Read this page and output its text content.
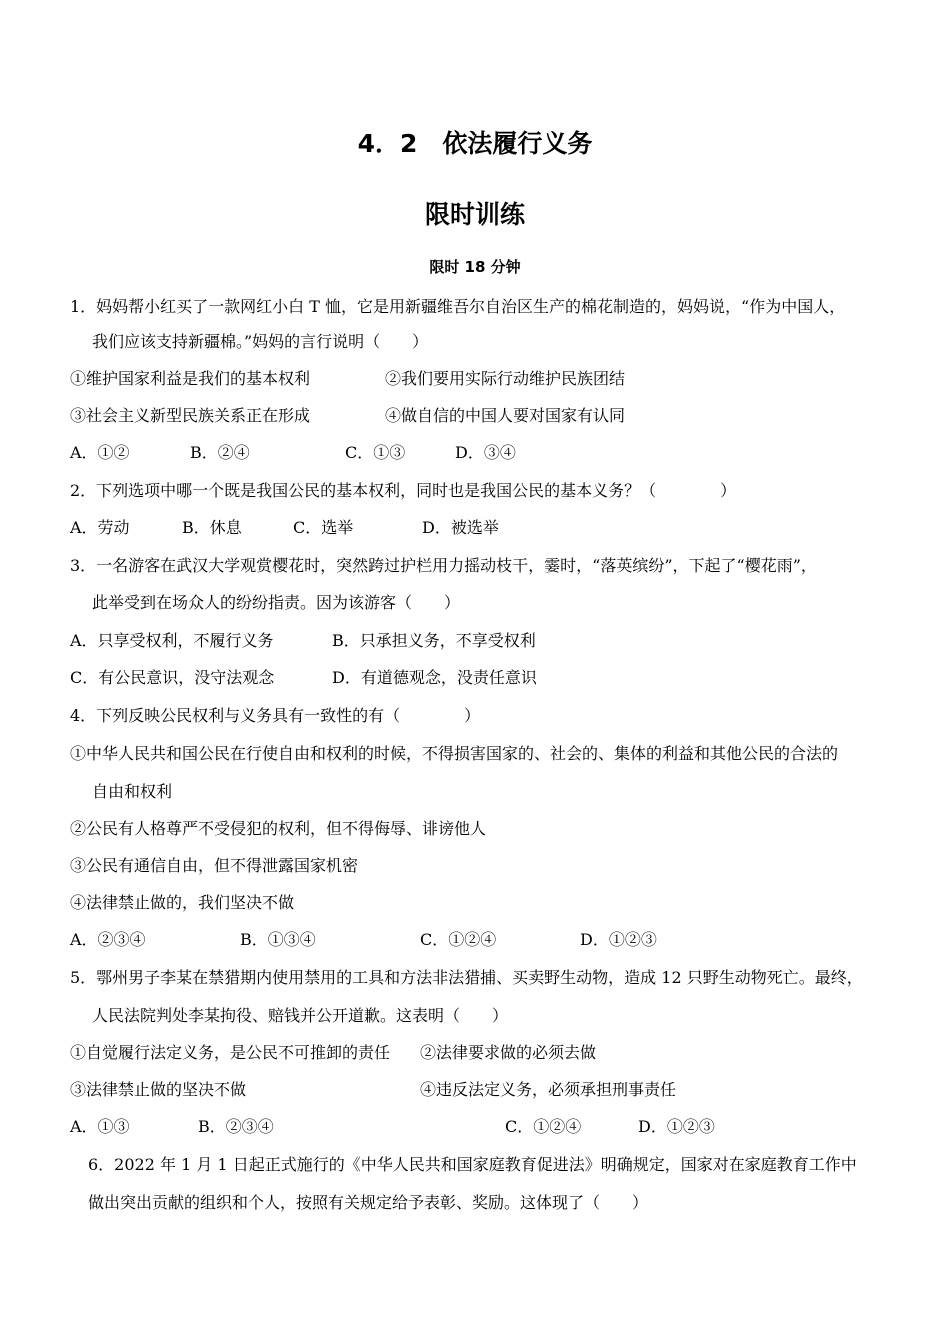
4．2　依法履行义务
限时训练
限时 18 分钟
1．妈妈帮小红买了一款网红小白 T 恤，它是用新疆维吾尔自治区生产的棉花制造的，妈妈说，“作为中国人，
我们应该支持新疆棉。”妈妈的言行说明（　　）
①维护国家利益是我们的基本权利	②我们要用实际行动维护民族团结
③社会主义新型民族关系正在形成	④做自信的中国人要对国家有认同
A．①②	B．②④	C．①③	D．③④
2．下列选项中哪一个既是我国公民的基本权利，同时也是我国公民的基本义务？（　　　　）
A．劳动	B．休息	C．选举	D．被选举
3．一名游客在武汉大学观赏樱花时，突然跨过护栏用力摇动枝干，霎时，“落英缤纷”，下起了“樱花雨”，
此举受到在场众人的纷纷指责。因为该游客（　　）
A．只享受权利，不履行义务	B．只承担义务，不享受权利
C．有公民意识，没守法观念	D．有道德观念，没责任意识
4．下列反映公民权利与义务具有一致性的有（　　　　）
①中华人民共和国公民在行使自由和权利的时候，不得损害国家的、社会的、集体的利益和其他公民的合法的
自由和权利
②公民有人格尊严不受侵犯的权利，但不得侮辱、诽谤他人
③公民有通信自由，但不得泄露国家机密
④法律禁止做的，我们坚决不做
A．②③④	B．①③④	C．①②④	D．①②③
5．鄂州男子李某在禁猎期内使用禁用的工具和方法非法猎捕、买卖野生动物，造成 12 只野生动物死亡。最终，
人民法院判处李某拘役、赔钱并公开道歉。这表明（　　）
①自觉履行法定义务，是公民不可推卸的责任 ②法律要求做的必须去做
③法律禁止做的坚决不做	④违反法定义务，必须承担刑事责任
A．①③	B．②③④	C．①②④	D．①②③
6．2022 年 1 月 1 日起正式施行的《中华人民共和国家庭教育促进法》明确规定，国家对在家庭教育工作中
做出突出贡献的组织和个人，按照有关规定给予表彰、奖励。这体现了（　　）
